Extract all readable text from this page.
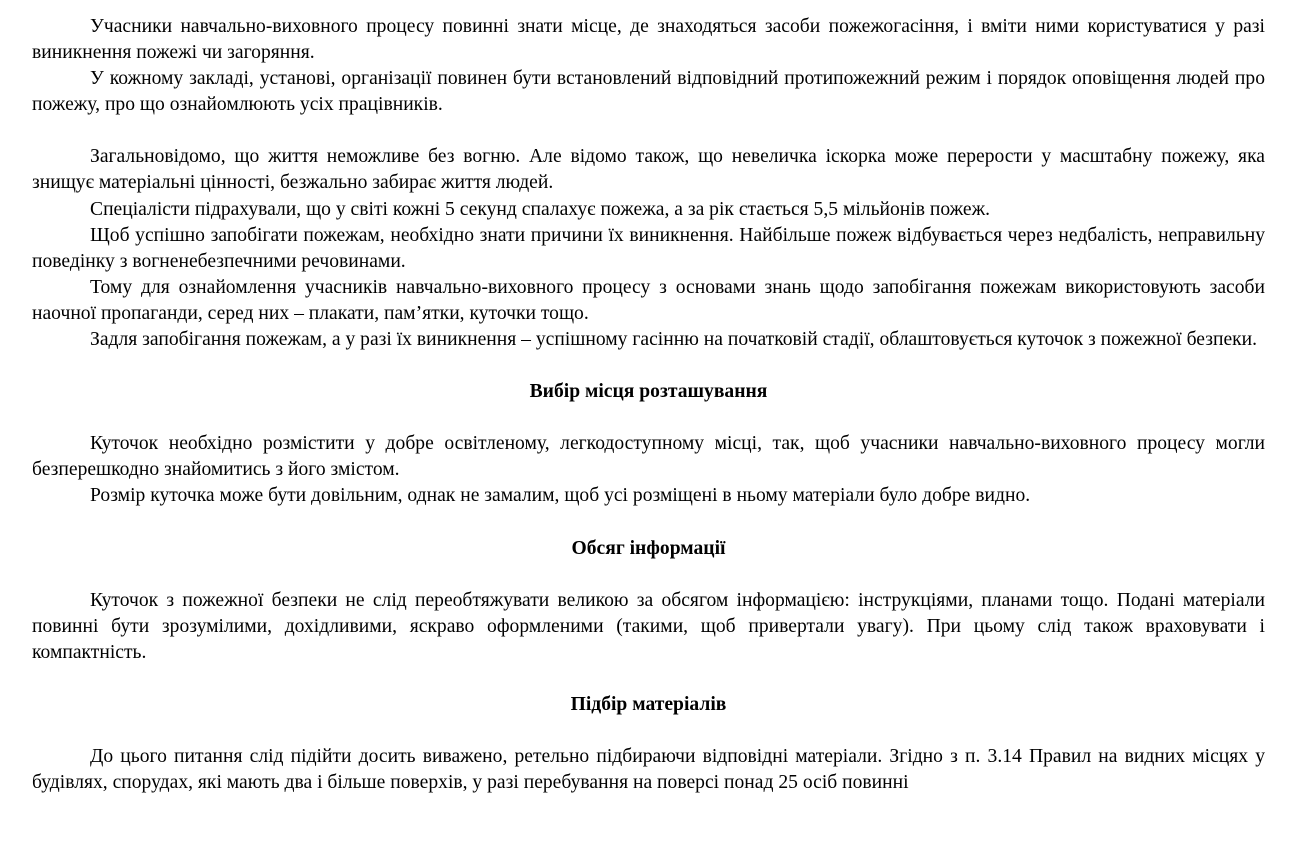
Учасники навчально-виховного процесу повинні знати місце, де знаходяться засоби пожежогасіння, і вміти ними користуватися у разі виникнення пожежі чи загоряння.

У кожному закладі, установі, організації повинен бути встановлений відповідний протипожежний режим і порядок оповіщення людей про пожежу, про що ознайомлюють усіх працівників.

Загальновідомо, що життя неможливе без вогню. Але відомо також, що невеличка іскорка може перерости у масштабну пожежу, яка знищує матеріальні цінності, безжально забирає життя людей.

Спеціалісти підрахували, що у світі кожні 5 секунд спалахує пожежа, а за рік стається 5,5 мільйонів пожеж.

Щоб успішно запобігати пожежам, необхідно знати причини їх виникнення. Найбільше пожеж відбувається через недбалість, неправильну поведінку з вогненебезпечними речовинами.

Тому для ознайомлення учасників навчально-виховного процесу з основами знань щодо запобігання пожежам використовують засоби наочної пропаганди, серед них – плакати, пам’ятки, куточки тощо.

Задля запобігання пожежам, а у разі їх виникнення – успішному гасінню на початковій стадії, облаштовується куточок з пожежної безпеки.

Вибір місця розташування

Куточок необхідно розмістити у добре освітленому, легкодоступному місці, так, щоб учасники навчально-виховного процесу могли безперешкодно знайомитись з його змістом.

Розмір куточка може бути довільним, однак не замалим, щоб усі розміщені в ньому матеріали було добре видно.

Обсяг інформації

Куточок з пожежної безпеки не слід переобтяжувати великою за обсягом інформацією: інструкціями, планами тощо. Подані матеріали повинні бути зрозумілими, дохідливими, яскраво оформленими (такими, щоб привертали увагу). При цьому слід також враховувати і компактність.

Підбір матеріалів

До цього питання слід підійти досить виважено, ретельно підбираючи відповідні матеріали. Згідно з п. 3.14 Правил на видних місцях у будівлях, спорудах, які мають два і більше поверхів, у разі перебування на поверсі понад 25 осіб повинні
